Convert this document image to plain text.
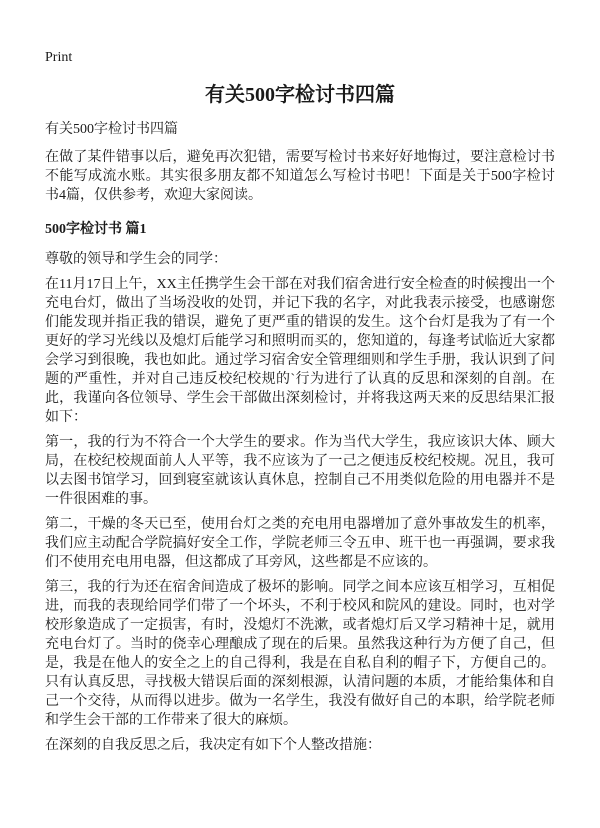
Print
有关500字检讨书四篇

有关500字检讨书四篇

在做了某件错事以后，避免再次犯错，需要写检讨书来好好地悔过，要注意检讨书不能写成流水账。其实很多朋友都不知道怎么写检讨书吧！下面是关于500字检讨书4篇，仅供参考，欢迎大家阅读。

500字检讨书 篇1

尊敬的领导和学生会的同学：

在11月17日上午，XX主任携学生会干部在对我们宿舍进行安全检查的时候搜出一个充电台灯，做出了当场没收的处罚，并记下我的名字，对此我表示接受，也感谢您们能发现并指正我的错误，避免了更严重的错误的发生。这个台灯是我为了有一个更好的学习光线以及熄灯后能学习和照明而买的，您知道的，每逢考试临近大家都会学习到很晚，我也如此。通过学习宿舍安全管理细则和学生手册，我认识到了问题的严重性，并对自己违反校纪校规的`行为进行了认真的反思和深刻的自剖。在此，我谨向各位领导、学生会干部做出深刻检讨，并将我这两天来的反思结果汇报如下：

第一，我的行为不符合一个大学生的要求。作为当代大学生，我应该识大体、顾大局，在校纪校规面前人人平等，我不应该为了一己之便违反校纪校规。况且，我可以去图书馆学习，回到寝室就该认真休息，控制自己不用类似危险的用电器并不是一件很困难的事。

第二，干燥的冬天已至，使用台灯之类的充电用电器增加了意外事故发生的机率，我们应主动配合学院搞好安全工作，学院老师三令五申、班干也一再强调，要求我们不使用充电用电器，但这都成了耳旁风，这些都是不应该的。

第三，我的行为还在宿舍间造成了极坏的影响。同学之间本应该互相学习，互相促进，而我的表现给同学们带了一个坏头，不利于校风和院风的建设。同时，也对学校形象造成了一定损害，有时，没熄灯不洗漱，或者熄灯后又学习精神十足，就用充电台灯了。当时的侥幸心理酿成了现在的后果。虽然我这种行为方便了自己，但是，我是在他人的安全之上的自己得利，我是在自私自利的帽子下，方便自己的。只有认真反思，寻找极大错误后面的深刻根源，认清问题的本质，才能给集体和自己一个交待，从而得以进步。做为一名学生，我没有做好自己的本职，给学院老师和学生会干部的工作带来了很大的麻烦。

在深刻的自我反思之后，我决定有如下个人整改措施：
